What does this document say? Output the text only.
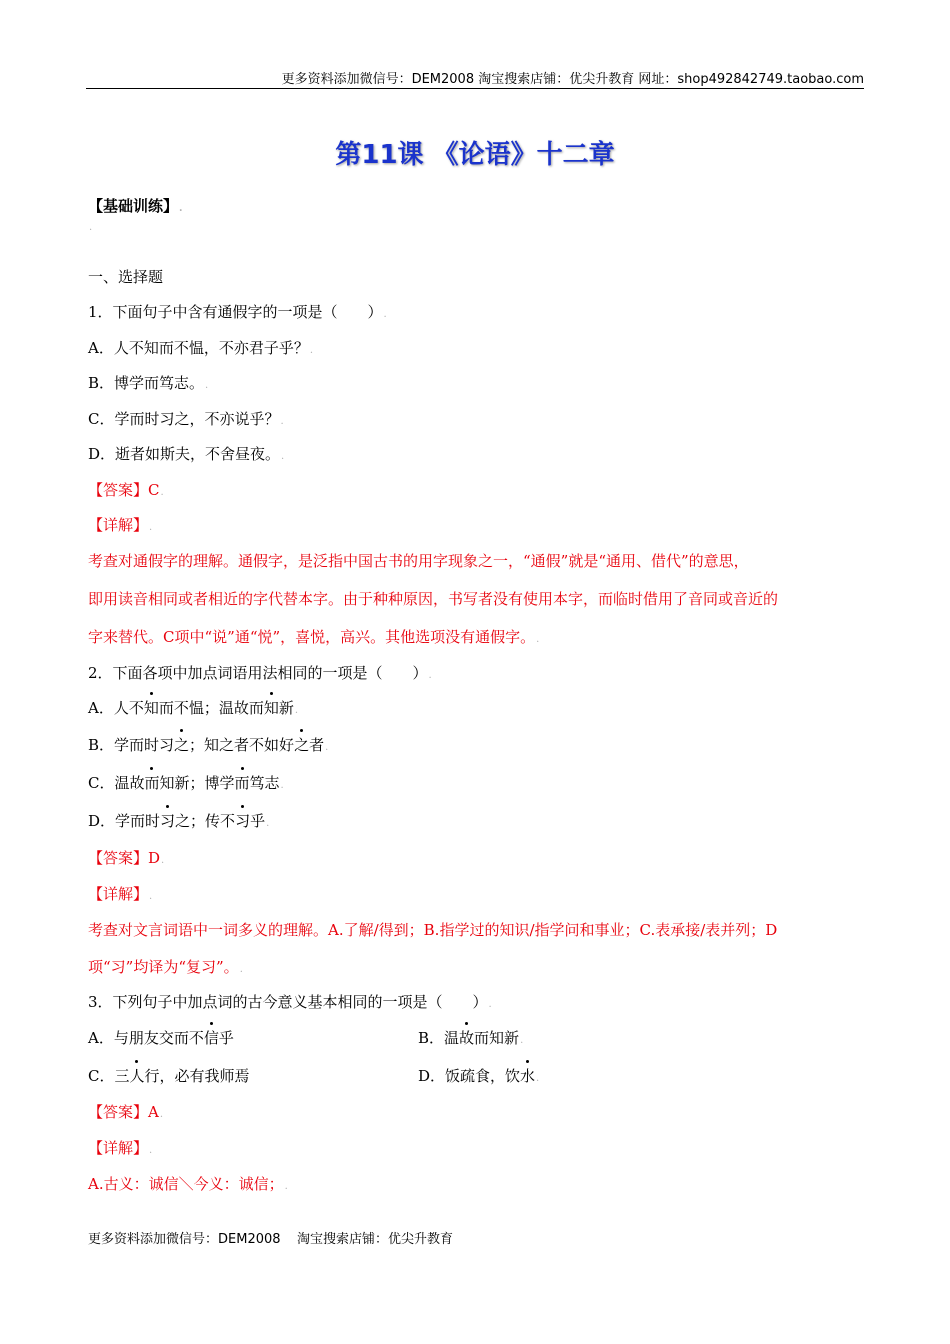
更多资料添加微信号：DEM2008 淘宝搜索店铺：优尖升教育 网址：shop492842749.taobao.com
第11课 《论语》十二章
【基础训练】.
.
一、选择题
1．下面句子中含有通假字的一项是（　　）.
A．人不知而不愠，不亦君子乎？.
B．博学而笃志。.
C．学而时习之，不亦说乎？.
D．逝者如斯夫，不舍昼夜。.
【答案】C.
【详解】.
考查对通假字的理解。通假字，是泛指中国古书的用字现象之一，“通假”就是“通用、借代”的意思，
即用读音相同或者相近的字代替本字。由于种种原因，书写者没有使用本字，而临时借用了音同或音近的
字来替代。C项中“说”通“悦”，喜悦，高兴。其他选项没有通假字。.
2．下面各项中加点词语用法相同的一项是（　　）.
A．人不知而不愠；温故而知新.
B．学而时习之；知之者不如好之者.
C．温故而知新；博学而笃志.
D．学而时习之；传不习乎.
【答案】D.
【详解】.
考查对文言词语中一词多义的理解。A.了解/得到；B.指学过的知识/指学问和事业；C.表承接/表并列；D
项“习”均译为“复习”。.
3．下列句子中加点词的古今意义基本相同的一项是（　　）.
A．与朋友交而不信乎	B．温故而知新.
C．三人行，必有我师焉	D．饭疏食，饮水.
【答案】A.
【详解】.
A.古义：诚信＼今义：诚信；.
更多资料添加微信号：DEM2008    淘宝搜索店铺：优尖升教育
